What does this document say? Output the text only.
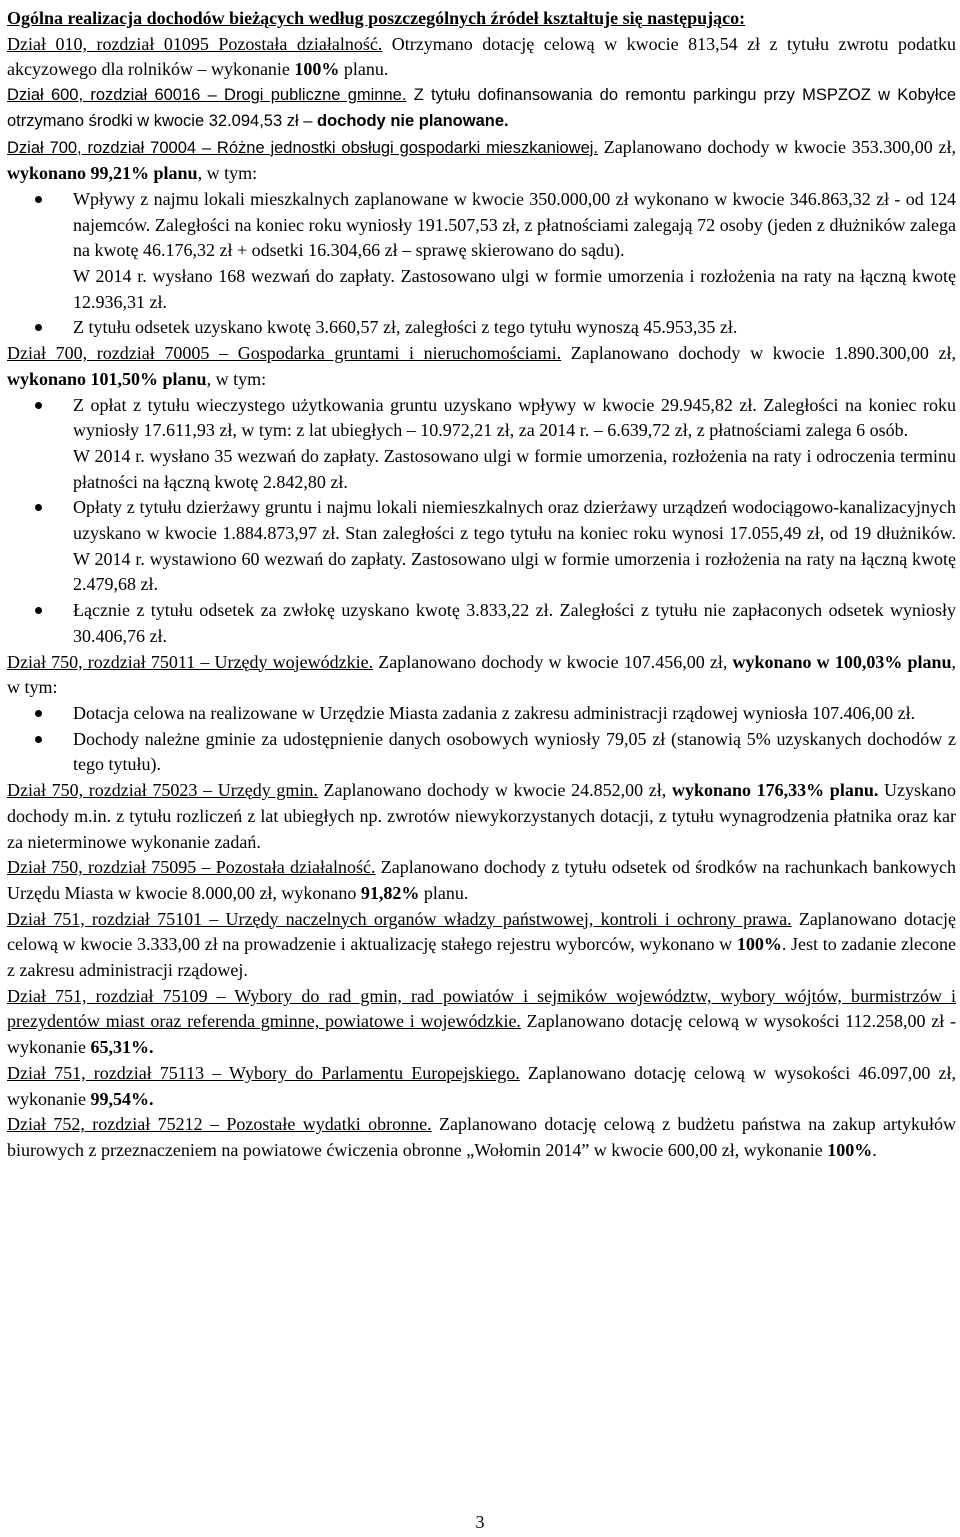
Ogólna realizacja dochodów bieżących według poszczególnych źródeł kształtuje się następująco:

Dział 010, rozdział 01095 Pozostała działalność. Otrzymano dotację celową w kwocie 813,54 zł z tytułu zwrotu podatku akcyzowego dla rolników – wykonanie 100% planu.

Dział 600, rozdział 60016 – Drogi publiczne gminne. Z tytułu dofinansowania do remontu parkingu przy MSPZOZ w Kobyłce otrzymano środki w kwocie 32.094,53 zł – dochody nie planowane.

Dział 700, rozdział 70004 – Różne jednostki obsługi gospodarki mieszkaniowej. Zaplanowano dochody w kwocie 353.300,00 zł, wykonano 99,21% planu, w tym:

Wpływy z najmu lokali mieszkalnych zaplanowane w kwocie 350.000,00 zł wykonano w kwocie 346.863,32 zł - od 124 najemców. Zaległości na koniec roku wyniosły 191.507,53 zł, z płatnościami zalegają 72 osoby (jeden z dłużników zalega na kwotę 46.176,32 zł + odsetki 16.304,66 zł – sprawę skierowano do sądu).
W 2014 r. wysłano 168 wezwań do zapłaty. Zastosowano ulgi w formie umorzenia i rozłożenia na raty na łączną kwotę 12.936,31 zł.
Z tytułu odsetek uzyskano kwotę 3.660,57 zł, zaległości z tego tytułu wynoszą 45.953,35 zł.

Dział 700, rozdział 70005 – Gospodarka gruntami i nieruchomościami. Zaplanowano dochody w kwocie 1.890.300,00 zł, wykonano 101,50% planu, w tym:

Z opłat z tytułu wieczystego użytkowania gruntu uzyskano wpływy w kwocie 29.945,82 zł. Zaległości na koniec roku wyniosły 17.611,93 zł, w tym: z lat ubiegłych – 10.972,21 zł, za 2014 r. – 6.639,72 zł, z płatnościami zalega 6 osób.
W 2014 r. wysłano 35 wezwań do zapłaty. Zastosowano ulgi w formie umorzenia, rozłożenia na raty i odroczenia terminu płatności na łączną kwotę 2.842,80 zł.
Opłaty z tytułu dzierżawy gruntu i najmu lokali niemieszkalnych oraz dzierżawy urządzeń wodociągowo-kanalizacyjnych uzyskano w kwocie 1.884.873,97 zł. Stan zaległości z tego tytułu na koniec roku wynosi 17.055,49 zł, od 19 dłużników. W 2014 r. wystawiono 60 wezwań do zapłaty. Zastosowano ulgi w formie umorzenia i rozłożenia na raty na łączną kwotę 2.479,68 zł.
Łącznie z tytułu odsetek za zwłokę uzyskano kwotę 3.833,22 zł. Zaległości z tytułu nie zapłaconych odsetek wyniosły 30.406,76 zł.

Dział 750, rozdział 75011 – Urzędy wojewódzkie. Zaplanowano dochody w kwocie 107.456,00 zł, wykonano w 100,03% planu, w tym:

Dotacja celowa na realizowane w Urzędzie Miasta zadania z zakresu administracji rządowej wyniosła 107.406,00 zł.
Dochody należne gminie za udostępnienie danych osobowych wyniosły 79,05 zł (stanowią 5% uzyskanych dochodów z tego tytułu).

Dział 750, rozdział 75023 – Urzędy gmin. Zaplanowano dochody w kwocie 24.852,00 zł, wykonano 176,33% planu. Uzyskano dochody m.in. z tytułu rozliczeń z lat ubiegłych np. zwrotów niewykorzystanych dotacji, z tytułu wynagrodzenia płatnika oraz kar za nieterminowe wykonanie zadań.

Dział 750, rozdział 75095 – Pozostała działalność. Zaplanowano dochody z tytułu odsetek od środków na rachunkach bankowych Urzędu Miasta w kwocie 8.000,00 zł, wykonano 91,82% planu.

Dział 751, rozdział 75101 – Urzędy naczelnych organów władzy państwowej, kontroli i ochrony prawa. Zaplanowano dotację celową w kwocie 3.333,00 zł na prowadzenie i aktualizację stałego rejestru wyborców, wykonano w 100%. Jest to zadanie zlecone z zakresu administracji rządowej.

Dział 751, rozdział 75109 – Wybory do rad gmin, rad powiatów i sejmików województw, wybory wójtów, burmistrzów i prezydentów miast oraz referenda gminne, powiatowe i wojewódzkie. Zaplanowano dotację celową w wysokości 112.258,00 zł - wykonanie 65,31%.

Dział 751, rozdział 75113 – Wybory do Parlamentu Europejskiego. Zaplanowano dotację celową w wysokości 46.097,00 zł, wykonanie 99,54%.

Dział 752, rozdział 75212 – Pozostałe wydatki obronne. Zaplanowano dotację celową z budżetu państwa na zakup artykułów biurowych z przeznaczeniem na powiatowe ćwiczenia obronne „Wołomin 2014” w kwocie 600,00 zł, wykonanie 100%.

3
